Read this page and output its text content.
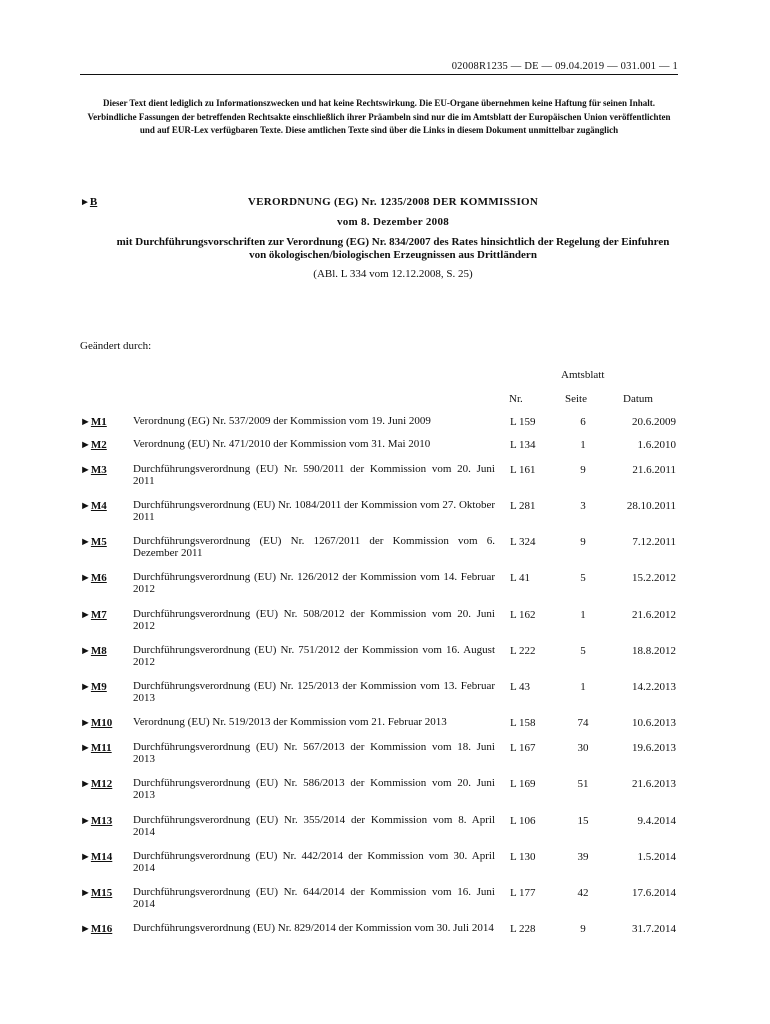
02008R1235 — DE — 09.04.2019 — 031.001 — 1
Dieser Text dient lediglich zu Informationszwecken und hat keine Rechtswirkung. Die EU-Organe übernehmen keine Haftung für seinen Inhalt. Verbindliche Fassungen der betreffenden Rechtsakte einschließlich ihrer Präambeln sind nur die im Amtsblatt der Europäischen Union veröffentlichten und auf EUR-Lex verfügbaren Texte. Diese amtlichen Texte sind über die Links in diesem Dokument unmittelbar zugänglich
►B	VERORDNUNG (EG) Nr. 1235/2008 DER KOMMISSION
vom 8. Dezember 2008
mit Durchführungsvorschriften zur Verordnung (EG) Nr. 834/2007 des Rates hinsichtlich der Regelung der Einfuhren von ökologischen/biologischen Erzeugnissen aus Drittländern
(ABl. L 334 vom 12.12.2008, S. 25)
Geändert durch:
Amtsblatt
Nr.	Seite	Datum
►M1 Verordnung (EG) Nr. 537/2009 der Kommission vom 19. Juni 2009	L 159	6	20.6.2009
►M2 Verordnung (EU) Nr. 471/2010 der Kommission vom 31. Mai 2010	L 134	1	1.6.2010
►M3 Durchführungsverordnung (EU) Nr. 590/2011 der Kommission vom 20. Juni 2011
L 161	9	21.6.2011
►M4 Durchführungsverordnung (EU) Nr. 1084/2011 der Kommission vom 27. Oktober 2011
L 281	3	28.10.2011
►M5 Durchführungsverordnung (EU) Nr. 1267/2011 der Kommission vom 6. Dezember 2011
L 324	9	7.12.2011
►M6 Durchführungsverordnung (EU) Nr. 126/2012 der Kommission vom 14. Februar 2012
L 41	5	15.2.2012
►M7 Durchführungsverordnung (EU) Nr. 508/2012 der Kommission vom 20. Juni 2012
L 162	1	21.6.2012
►M8 Durchführungsverordnung (EU) Nr. 751/2012 der Kommission vom 16. August 2012
L 222	5	18.8.2012
►M9 Durchführungsverordnung (EU) Nr. 125/2013 der Kommission vom 13. Februar 2013
L 43	1	14.2.2013
►M10 Verordnung (EU) Nr. 519/2013 der Kommission vom 21. Februar 2013	L 158	74	10.6.2013
►M11 Durchführungsverordnung (EU) Nr. 567/2013 der Kommission vom 18. Juni 2013
L 167	30	19.6.2013
►M12 Durchführungsverordnung (EU) Nr. 586/2013 der Kommission vom 20. Juni 2013
L 169	51	21.6.2013
►M13 Durchführungsverordnung (EU) Nr. 355/2014 der Kommission vom 8. April 2014
L 106	15	9.4.2014
►M14 Durchführungsverordnung (EU) Nr. 442/2014 der Kommission vom 30. April 2014
L 130	39	1.5.2014
►M15 Durchführungsverordnung (EU) Nr. 644/2014 der Kommission vom 16. Juni 2014
L 177	42	17.6.2014
►M16 Durchführungsverordnung (EU) Nr. 829/2014 der Kommission vom 30. Juli 2014 L 228	9	31.7.2014
